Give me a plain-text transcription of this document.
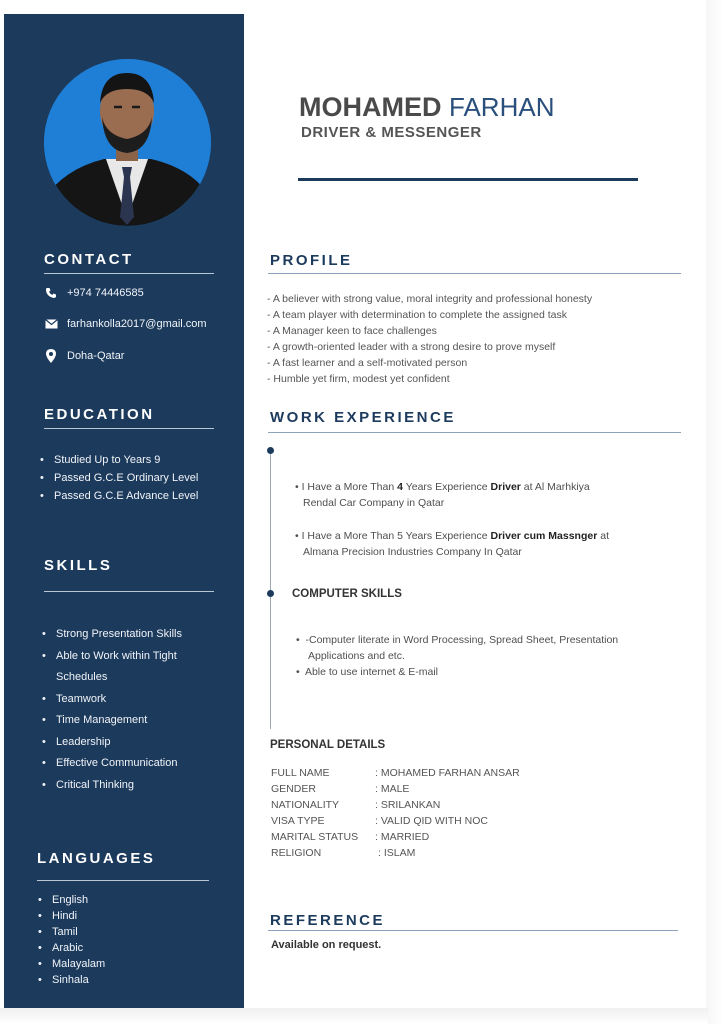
CONTACT
+974 74446585
farhankolla2017@gmail.com
Doha-Qatar
EDUCATION
• Studied Up to Years 9
• Passed G.C.E Ordinary Level
• Passed G.C.E Advance Level
SKILLS
• Strong Presentation Skills
• Able to Work within Tight
Schedules
• Teamwork
• Time Management
• Leadership
• Effective Communication
• Critical Thinking
LANGUAGES
• English
• Hindi
• Tamil
• Arabic
• Malayalam
• Sinhala
MOHAMED FARHAN
DRIVER & MESSENGER
PROFILE
- A believer with strong value, moral integrity and professional honesty
- A team player with determination to complete the assigned task
- A Manager keen to face challenges
- A growth-oriented leader with a strong desire to prove myself
- A fast learner and a self-motivated person
- Humble yet firm, modest yet confident
WORK EXPERIENCE
• I Have a More Than 4 Years Experience Driver at Al Marhkiya
Rendal Car Company in Qatar
• I Have a More Than 5 Years Experience Driver cum Massnger at
Almana Precision Industries Company In Qatar
COMPUTER SKILLS
•  -Computer literate in Word Processing, Spread Sheet, Presentation
Applications and etc.
•  Able to use internet & E-mail
PERSONAL DETAILS
FULL NAME	: MOHAMED FARHAN ANSAR
GENDER	: MALE
NATIONALITY	: SRILANKAN
VISA TYPE	: VALID QID WITH NOC
MARITAL STATUS	: MARRIED
RELIGION	: ISLAM
REFERENCE
Available on request.
